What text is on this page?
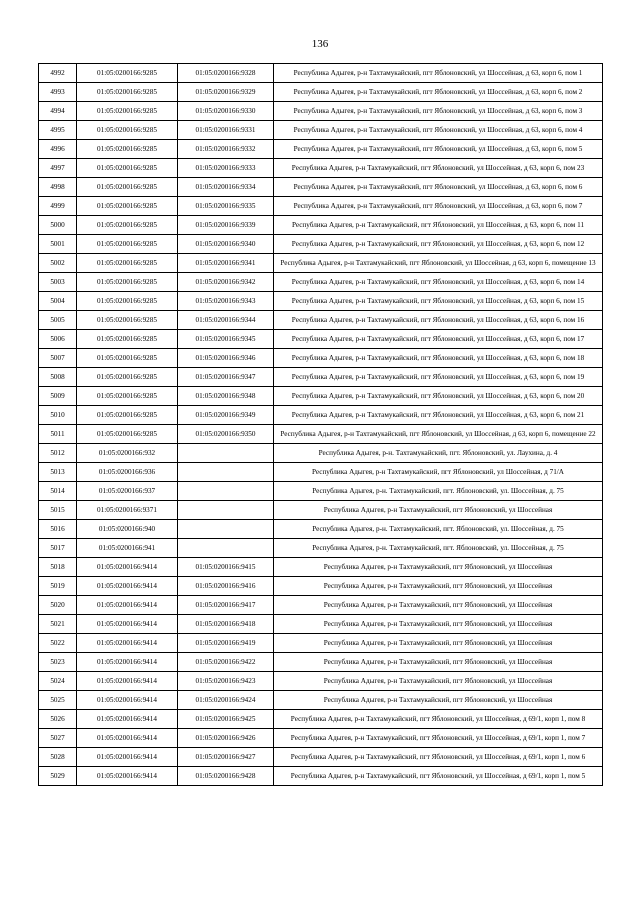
136
4992	01:05:0200166:9285	01:05:0200166:9328	Республика Адыгея, р-н Тахтамукайский, пгт Яблоновский, ул Шоссейная, д 63, корп 6, пом 1
4993	01:05:0200166:9285	01:05:0200166:9329	Республика Адыгея, р-н Тахтамукайский, пгт Яблоновский, ул Шоссейная, д 63, корп 6, пом 2
4994	01:05:0200166:9285	01:05:0200166:9330	Республика Адыгея, р-н Тахтамукайский, пгт Яблоновский, ул Шоссейная, д 63, корп 6, пом 3
4995	01:05:0200166:9285	01:05:0200166:9331	Республика Адыгея, р-н Тахтамукайский, пгт Яблоновский, ул Шоссейная, д 63, корп 6, пом 4
4996	01:05:0200166:9285	01:05:0200166:9332	Республика Адыгея, р-н Тахтамукайский, пгт Яблоновский, ул Шоссейная, д 63, корп 6, пом 5
4997	01:05:0200166:9285	01:05:0200166:9333	Республика Адыгея, р-н Тахтамукайский, пгт Яблоновский, ул Шоссейная, д 63, корп 6, пом 23
4998	01:05:0200166:9285	01:05:0200166:9334	Республика Адыгея, р-н Тахтамукайский, пгт Яблоновский, ул Шоссейная, д 63, корп 6, пом 6
4999	01:05:0200166:9285	01:05:0200166:9335	Республика Адыгея, р-н Тахтамукайский, пгт Яблоновский, ул Шоссейная, д 63, корп 6, пом 7
5000	01:05:0200166:9285	01:05:0200166:9339	Республика Адыгея, р-н Тахтамукайский, пгт Яблоновский, ул Шоссейная, д 63, корп 6, пом 11
5001	01:05:0200166:9285	01:05:0200166:9340	Республика Адыгея, р-н Тахтамукайский, пгт Яблоновский, ул Шоссейная, д 63, корп 6, пом 12
5002	01:05:0200166:9285	01:05:0200166:9341	Республика Адыгея, р-н Тахтамукайский, пгт Яблоновский, ул Шоссейная, д 63, корп 6, помещение 13
5003	01:05:0200166:9285	01:05:0200166:9342	Республика Адыгея, р-н Тахтамукайский, пгт Яблоновский, ул Шоссейная, д 63, корп 6, пом 14
5004	01:05:0200166:9285	01:05:0200166:9343	Республика Адыгея, р-н Тахтамукайский, пгт Яблоновский, ул Шоссейная, д 63, корп 6, пом 15
5005	01:05:0200166:9285	01:05:0200166:9344	Республика Адыгея, р-н Тахтамукайский, пгт Яблоновский, ул Шоссейная, д 63, корп 6, пом 16
5006	01:05:0200166:9285	01:05:0200166:9345	Республика Адыгея, р-н Тахтамукайский, пгт Яблоновский, ул Шоссейная, д 63, корп 6, пом 17
5007	01:05:0200166:9285	01:05:0200166:9346	Республика Адыгея, р-н Тахтамукайский, пгт Яблоновский, ул Шоссейная, д 63, корп 6, пом 18
5008	01:05:0200166:9285	01:05:0200166:9347	Республика Адыгея, р-н Тахтамукайский, пгт Яблоновский, ул Шоссейная, д 63, корп 6, пом 19
5009	01:05:0200166:9285	01:05:0200166:9348	Республика Адыгея, р-н Тахтамукайский, пгт Яблоновский, ул Шоссейная, д 63, корп 6, пом 20
5010	01:05:0200166:9285	01:05:0200166:9349	Республика Адыгея, р-н Тахтамукайский, пгт Яблоновский, ул Шоссейная, д 63, корп 6, пом 21
5011	01:05:0200166:9285	01:05:0200166:9350	Республика Адыгея, р-н Тахтамукайский, пгт Яблоновский, ул Шоссейная, д 63, корп 6, помещение 22
5012	01:05:0200166:932		Республика Адыгея, р-н. Тахтамукайский, пгт. Яблоновский, ул. Лаухина, д. 4
5013	01:05:0200166:936		Республика Адыгея, р-н Тахтамукайский, пгт Яблоновский, ул Шоссейная, д 71/А
5014	01:05:0200166:937		Республика Адыгея, р-н. Тахтамукайский, пгт. Яблоновский, ул. Шоссейная, д. 75
5015	01:05:0200166:9371		Республика Адыгея, р-н Тахтамукайский, пгт Яблоновский, ул Шоссейная
5016	01:05:0200166:940		Республика Адыгея, р-н. Тахтамукайский, пгт. Яблоновский, ул. Шоссейная, д. 75
5017	01:05:0200166:941		Республика Адыгея, р-н. Тахтамукайский, пгт. Яблоновский, ул. Шоссейная, д. 75
5018	01:05:0200166:9414	01:05:0200166:9415	Республика Адыгея, р-н Тахтамукайский, пгт Яблоновский, ул Шоссейная
5019	01:05:0200166:9414	01:05:0200166:9416	Республика Адыгея, р-н Тахтамукайский, пгт Яблоновский, ул Шоссейная
5020	01:05:0200166:9414	01:05:0200166:9417	Республика Адыгея, р-н Тахтамукайский, пгт Яблоновский, ул Шоссейная
5021	01:05:0200166:9414	01:05:0200166:9418	Республика Адыгея, р-н Тахтамукайский, пгт Яблоновский, ул Шоссейная
5022	01:05:0200166:9414	01:05:0200166:9419	Республика Адыгея, р-н Тахтамукайский, пгт Яблоновский, ул Шоссейная
5023	01:05:0200166:9414	01:05:0200166:9422	Республика Адыгея, р-н Тахтамукайский, пгт Яблоновский, ул Шоссейная
5024	01:05:0200166:9414	01:05:0200166:9423	Республика Адыгея, р-н Тахтамукайский, пгт Яблоновский, ул Шоссейная
5025	01:05:0200166:9414	01:05:0200166:9424	Республика Адыгея, р-н Тахтамукайский, пгт Яблоновский, ул Шоссейная
5026	01:05:0200166:9414	01:05:0200166:9425	Республика Адыгея, р-н Тахтамукайский, пгт Яблоновский, ул Шоссейная, д 69/1, корп 1, пом 8
5027	01:05:0200166:9414	01:05:0200166:9426	Республика Адыгея, р-н Тахтамукайский, пгт Яблоновский, ул Шоссейная, д 69/1, корп 1, пом 7
5028	01:05:0200166:9414	01:05:0200166:9427	Республика Адыгея, р-н Тахтамукайский, пгт Яблоновский, ул Шоссейная, д 69/1, корп 1, пом 6
5029	01:05:0200166:9414	01:05:0200166:9428	Республика Адыгея, р-н Тахтамукайский, пгт Яблоновский, ул Шоссейная, д 69/1, корп 1, пом 5
